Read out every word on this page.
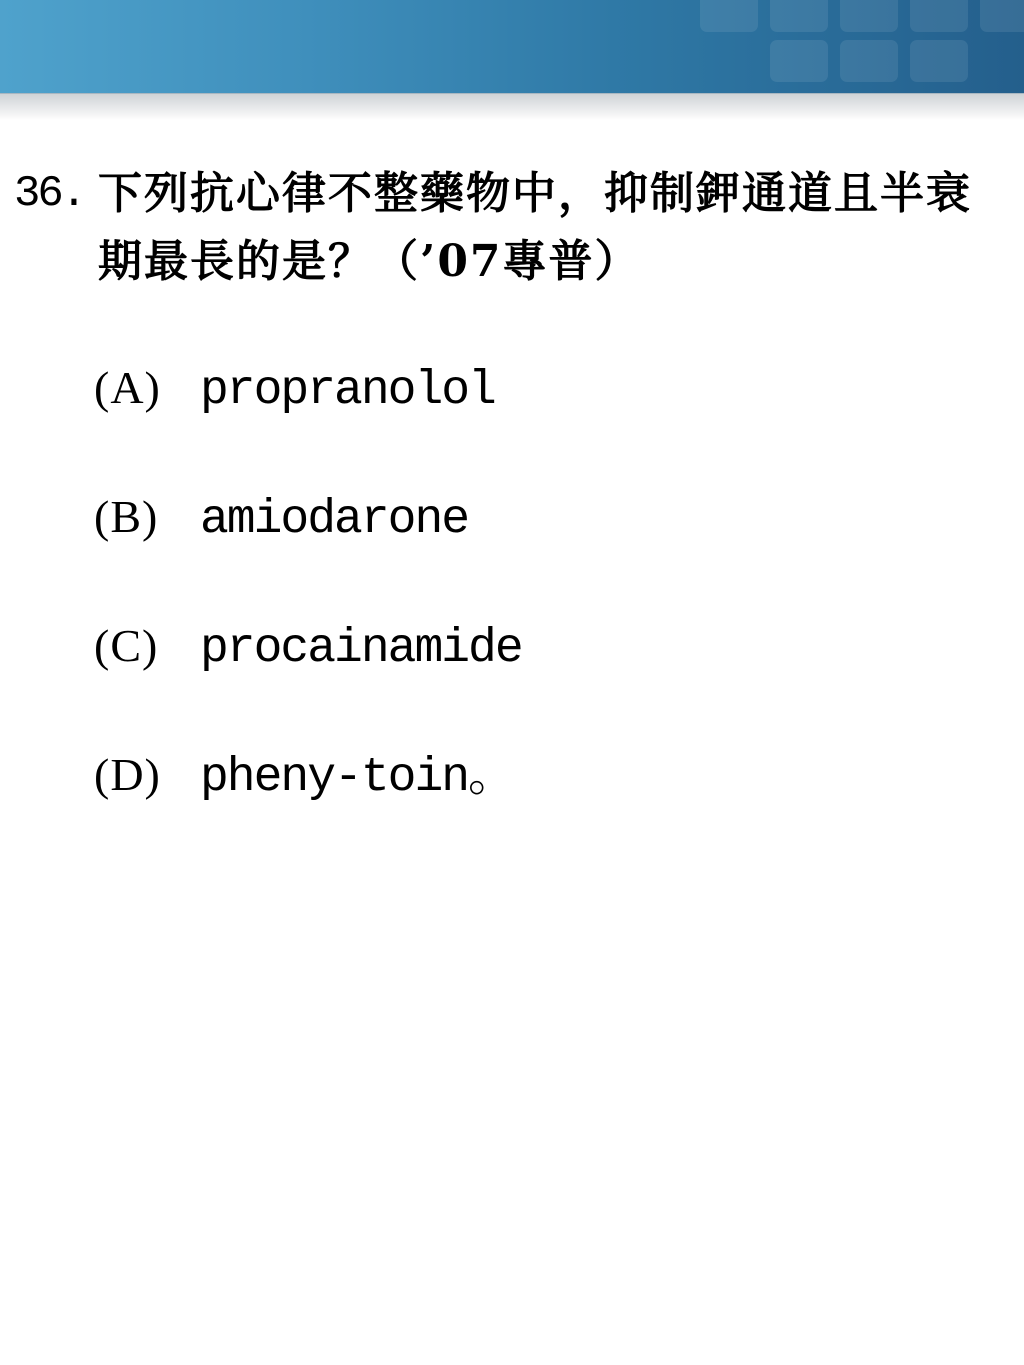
36. 下列抗心律不整藥物中，抑制鉀通道且半衰期最長的是？（’07專普）
(A) propranolol
(B) amiodarone
(C) procainamide
(D) pheny-toin。
